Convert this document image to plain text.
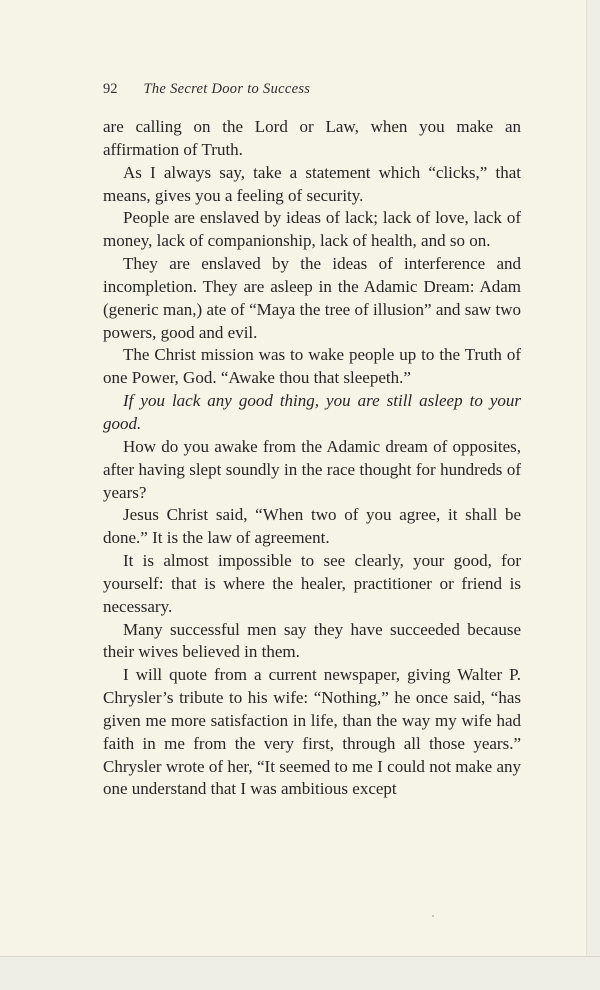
92 The Secret Door to Success

are calling on the Lord or Law, when you make an affirmation of Truth.

As I always say, take a statement which “clicks,” that means, gives you a feeling of security.

People are enslaved by ideas of lack; lack of love, lack of money, lack of companionship, lack of health, and so on.

They are enslaved by the ideas of interference and incompletion. They are asleep in the Adamic Dream: Adam (generic man,) ate of “Maya the tree of illusion” and saw two powers, good and evil.

The Christ mission was to wake people up to the Truth of one Power, God. “Awake thou that sleepeth.”

If you lack any good thing, you are still asleep to your good.

How do you awake from the Adamic dream of opposites, after having slept soundly in the race thought for hundreds of years?

Jesus Christ said, “When two of you agree, it shall be done.” It is the law of agreement.

It is almost impossible to see clearly, your good, for yourself: that is where the healer, practitioner or friend is necessary.

Many successful men say they have succeeded because their wives believed in them.

I will quote from a current newspaper, giving Walter P. Chrysler’s tribute to his wife: “Nothing,” he once said, “has given me more satisfaction in life, than the way my wife had faith in me from the very first, through all those years.” Chrysler wrote of her, “It seemed to me I could not make any one understand that I was ambitious except
